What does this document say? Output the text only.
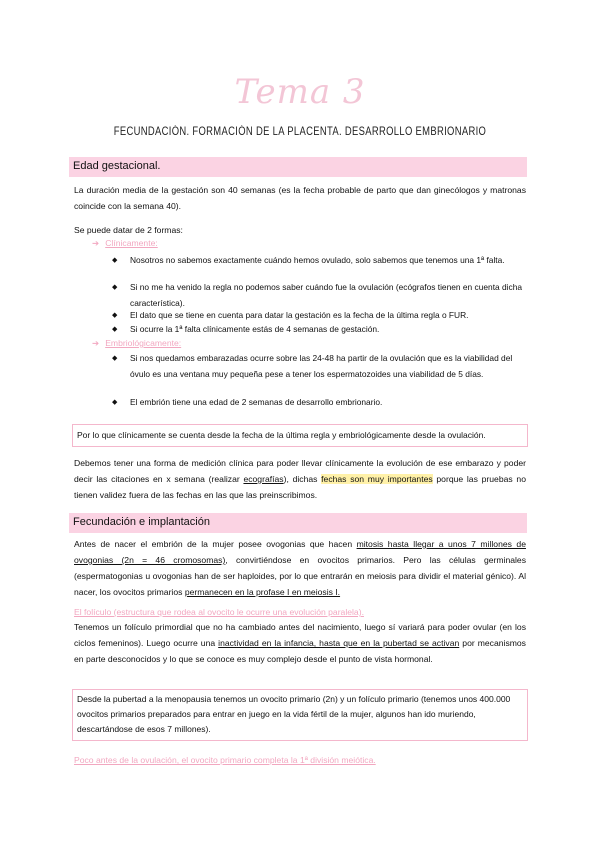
Tema 3
FECUNDACIÓN. FORMACIÓN DE LA PLACENTA. DESARROLLO EMBRIONARIO
Edad gestacional.
La duración media de la gestación son 40 semanas (es la fecha probable de parto que dan ginecólogos y matronas coincide con la semana 40).
Se puede datar de 2 formas:
➔ Clínicamente:
◆ Nosotros no sabemos exactamente cuándo hemos ovulado, solo sabemos que tenemos una 1ª falta.
◆ Si no me ha venido la regla no podemos saber cuándo fue la ovulación (ecógrafos tienen en cuenta dicha característica).
◆ El dato que se tiene en cuenta para datar la gestación es la fecha de la última regla o FUR.
◆ Si ocurre la 1ª falta clínicamente estás de 4 semanas de gestación.
➔ Embriológicamente:
◆ Si nos quedamos embarazadas ocurre sobre las 24-48 ha partir de la ovulación que es la viabilidad del óvulo es una ventana muy pequeña pese a tener los espermatozoides una viabilidad de 5 días.
◆ El embrión tiene una edad de 2 semanas de desarrollo embrionario.
Por lo que clínicamente se cuenta desde la fecha de la última regla y embriológicamente desde la ovulación.
Debemos tener una forma de medición clínica para poder llevar clínicamente la evolución de ese embarazo y poder decir las citaciones en x semana (realizar ecografías), dichas fechas son muy importantes porque las pruebas no tienen validez fuera de las fechas en las que las preinscribimos.
Fecundación e implantación
Antes de nacer el embrión de la mujer posee ovogonias que hacen mitosis hasta llegar a unos 7 millones de ovogonias (2n = 46 cromosomas), convirtiéndose en ovocitos primarios. Pero las células germinales (espermatogonias u ovogonias han de ser haploides, por lo que entrarán en meiosis para dividir el material génico). Al nacer, los ovocitos primarios permanecen en la profase I en meiosis I.
El folículo (estructura que rodea al ovocito le ocurre una evolución paralela).
Tenemos un folículo primordial que no ha cambiado antes del nacimiento, luego sí variará para poder ovular (en los ciclos femeninos). Luego ocurre una inactividad en la infancia, hasta que en la pubertad se activan por mecanismos en parte desconocidos y lo que se conoce es muy complejo desde el punto de vista hormonal.
Desde la pubertad a la menopausia tenemos un ovocito primario (2n) y un folículo primario (tenemos unos 400.000 ovocitos primarios preparados para entrar en juego en la vida fértil de la mujer, algunos han ido muriendo, descartándose de esos 7 millones).
Poco antes de la ovulación, el ovocito primario completa la 1ª división meiótica.
